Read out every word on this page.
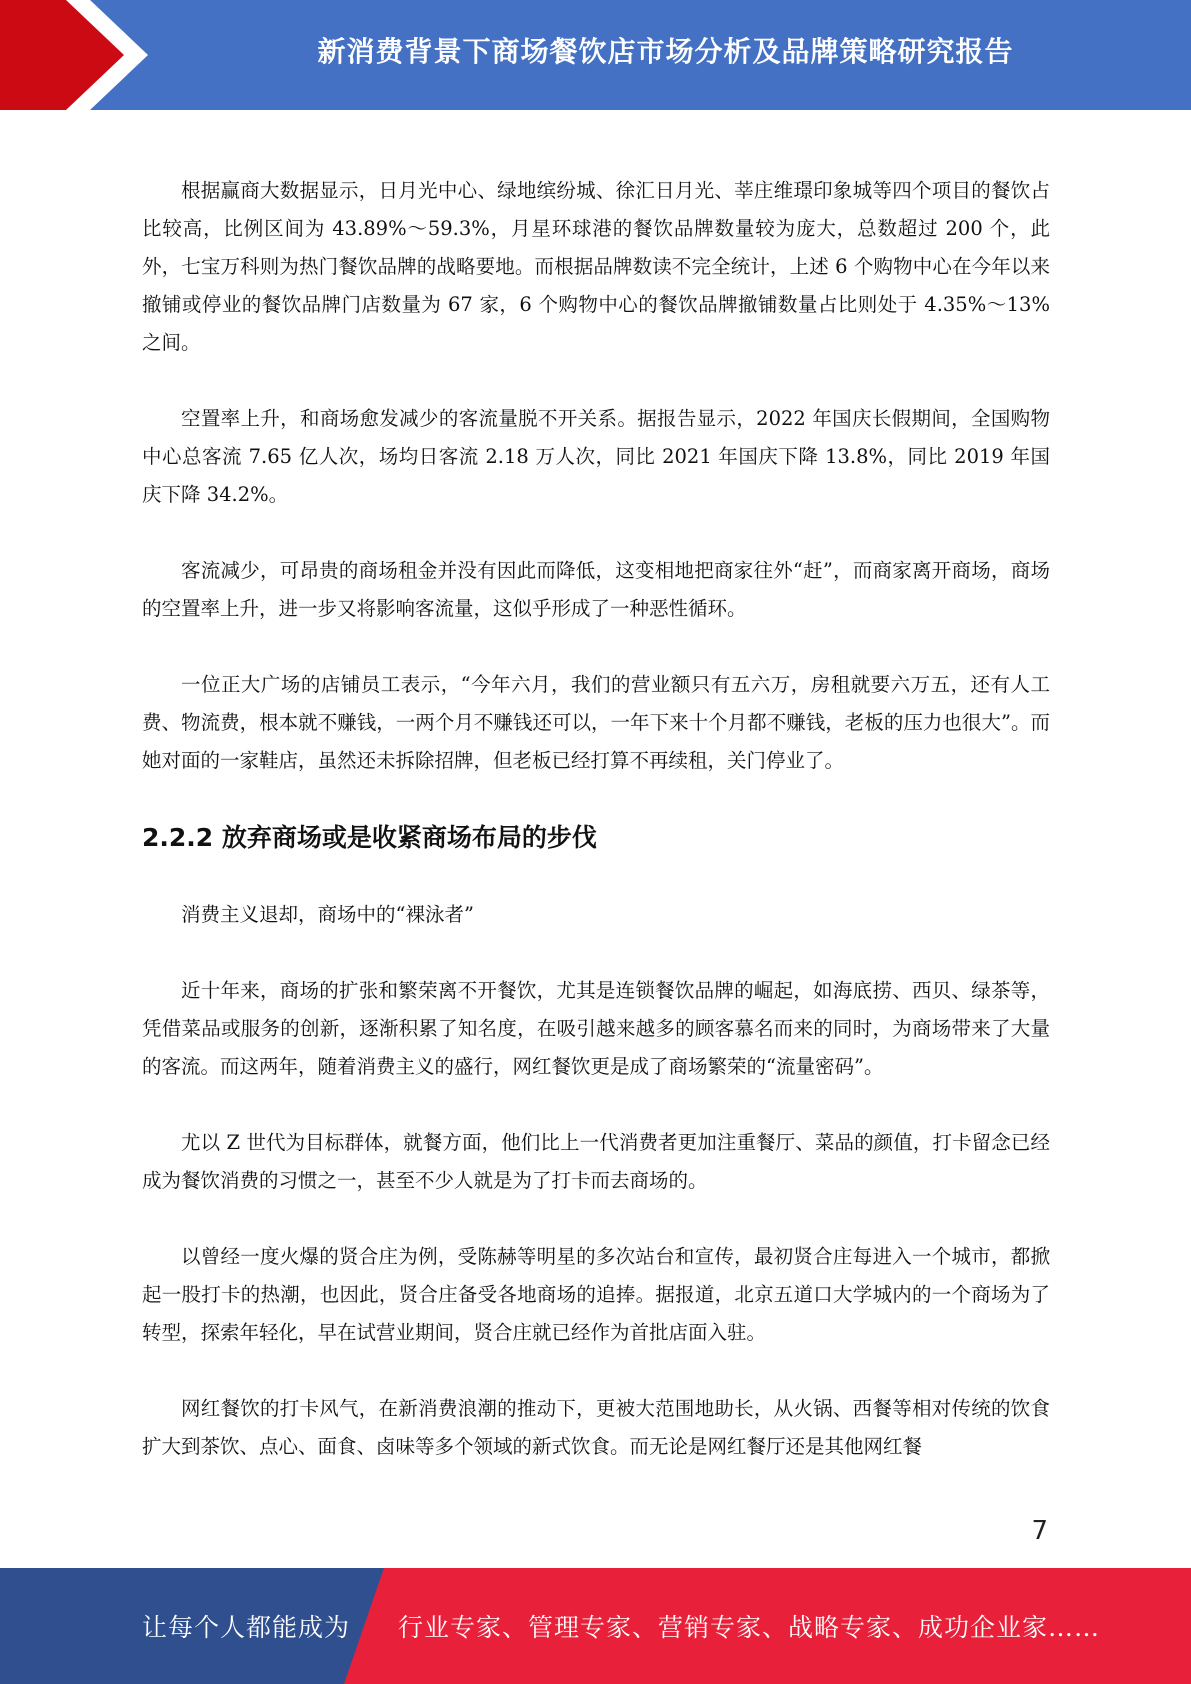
新消费背景下商场餐饮店市场分析及品牌策略研究报告

根据赢商大数据显示，日月光中心、绿地缤纷城、徐汇日月光、莘庄维璟印象城等四个项目的餐饮占比较高，比例区间为 43.89%～59.3%，月星环球港的餐饮品牌数量较为庞大，总数超过 200 个，此外，七宝万科则为热门餐饮品牌的战略要地。而根据品牌数读不完全统计，上述 6 个购物中心在今年以来撤铺或停业的餐饮品牌门店数量为 67 家，6 个购物中心的餐饮品牌撤铺数量占比则处于 4.35%～13%之间。

空置率上升，和商场愈发减少的客流量脱不开关系。据报告显示，2022 年国庆长假期间，全国购物中心总客流 7.65 亿人次，场均日客流 2.18 万人次，同比 2021 年国庆下降 13.8%，同比 2019 年国庆下降 34.2%。

客流减少，可昂贵的商场租金并没有因此而降低，这变相地把商家往外“赶”，而商家离开商场，商场的空置率上升，进一步又将影响客流量，这似乎形成了一种恶性循环。

一位正大广场的店铺员工表示，“今年六月，我们的营业额只有五六万，房租就要六万五，还有人工费、物流费，根本就不赚钱，一两个月不赚钱还可以，一年下来十个月都不赚钱，老板的压力也很大”。而她对面的一家鞋店，虽然还未拆除招牌，但老板已经打算不再续租，关门停业了。

2.2.2 放弃商场或是收紧商场布局的步伐

消费主义退却，商场中的“裸泳者”

近十年来，商场的扩张和繁荣离不开餐饮，尤其是连锁餐饮品牌的崛起，如海底捞、西贝、绿茶等，凭借菜品或服务的创新，逐渐积累了知名度，在吸引越来越多的顾客慕名而来的同时，为商场带来了大量的客流。而这两年，随着消费主义的盛行，网红餐饮更是成了商场繁荣的“流量密码”。

尤以 Z 世代为目标群体，就餐方面，他们比上一代消费者更加注重餐厅、菜品的颜值，打卡留念已经成为餐饮消费的习惯之一，甚至不少人就是为了打卡而去商场的。

以曾经一度火爆的贤合庄为例，受陈赫等明星的多次站台和宣传，最初贤合庄每进入一个城市，都掀起一股打卡的热潮，也因此，贤合庄备受各地商场的追捧。据报道，北京五道口大学城内的一个商场为了转型，探索年轻化，早在试营业期间，贤合庄就已经作为首批店面入驻。

网红餐饮的打卡风气，在新消费浪潮的推动下，更被大范围地助长，从火锅、西餐等相对传统的饮食扩大到茶饮、点心、面食、卤味等多个领域的新式饮食。而无论是网红餐厅还是其他网红餐

7
让每个人都能成为 行业专家、管理专家、营销专家、战略专家、成功企业家……
